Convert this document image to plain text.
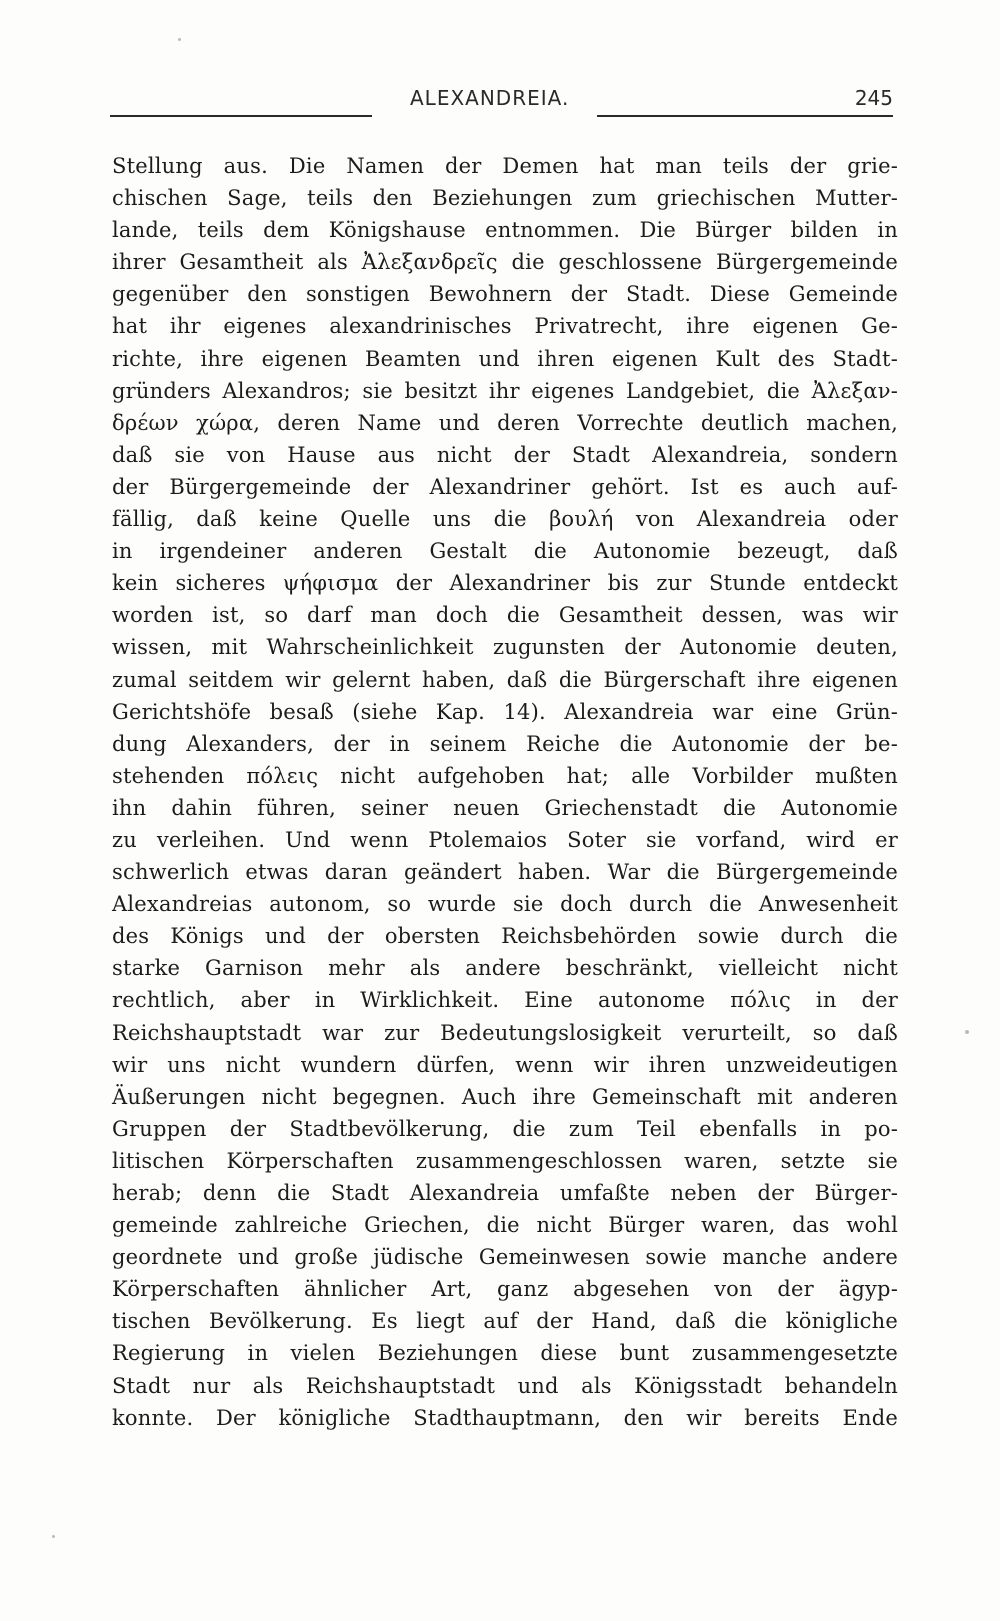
ALEXANDREIA.	245
Stellung aus. Die Namen der Demen hat man teils der grie-
chischen Sage, teils den Beziehungen zum griechischen Mutter-
lande, teils dem Königshause entnommen. Die Bürger bilden in
ihrer Gesamtheit als Ἀλεξανδρεῖς die geschlossene Bürgergemeinde
gegenüber den sonstigen Bewohnern der Stadt. Diese Gemeinde
hat ihr eigenes alexandrinisches Privatrecht, ihre eigenen Ge-
richte, ihre eigenen Beamten und ihren eigenen Kult des Stadt-
gründers Alexandros; sie besitzt ihr eigenes Landgebiet, die Ἀλεξαν-
δρέων χώρα, deren Name und deren Vorrechte deutlich machen,
daß sie von Hause aus nicht der Stadt Alexandreia, sondern
der Bürgergemeinde der Alexandriner gehört. Ist es auch auf-
fällig, daß keine Quelle uns die βουλή von Alexandreia oder
in irgendeiner anderen Gestalt die Autonomie bezeugt, daß
kein sicheres ψήφισμα der Alexandriner bis zur Stunde entdeckt
worden ist, so darf man doch die Gesamtheit dessen, was wir
wissen, mit Wahrscheinlichkeit zugunsten der Autonomie deuten,
zumal seitdem wir gelernt haben, daß die Bürgerschaft ihre eigenen
Gerichtshöfe besaß (siehe Kap. 14). Alexandreia war eine Grün-
dung Alexanders, der in seinem Reiche die Autonomie der be-
stehenden πόλεις nicht aufgehoben hat; alle Vorbilder mußten
ihn dahin führen, seiner neuen Griechenstadt die Autonomie
zu verleihen. Und wenn Ptolemaios Soter sie vorfand, wird er
schwerlich etwas daran geändert haben. War die Bürgergemeinde
Alexandreias autonom, so wurde sie doch durch die Anwesenheit
des Königs und der obersten Reichsbehörden sowie durch die
starke Garnison mehr als andere beschränkt, vielleicht nicht
rechtlich, aber in Wirklichkeit. Eine autonome πόλις in der
Reichshauptstadt war zur Bedeutungslosigkeit verurteilt, so daß
wir uns nicht wundern dürfen, wenn wir ihren unzweideutigen
Äußerungen nicht begegnen. Auch ihre Gemeinschaft mit anderen
Gruppen der Stadtbevölkerung, die zum Teil ebenfalls in po-
litischen Körperschaften zusammengeschlossen waren, setzte sie
herab; denn die Stadt Alexandreia umfaßte neben der Bürger-
gemeinde zahlreiche Griechen, die nicht Bürger waren, das wohl
geordnete und große jüdische Gemeinwesen sowie manche andere
Körperschaften ähnlicher Art, ganz abgesehen von der ägyp-
tischen Bevölkerung. Es liegt auf der Hand, daß die königliche
Regierung in vielen Beziehungen diese bunt zusammengesetzte
Stadt nur als Reichshauptstadt und als Königsstadt behandeln
konnte. Der königliche Stadthauptmann, den wir bereits Ende
